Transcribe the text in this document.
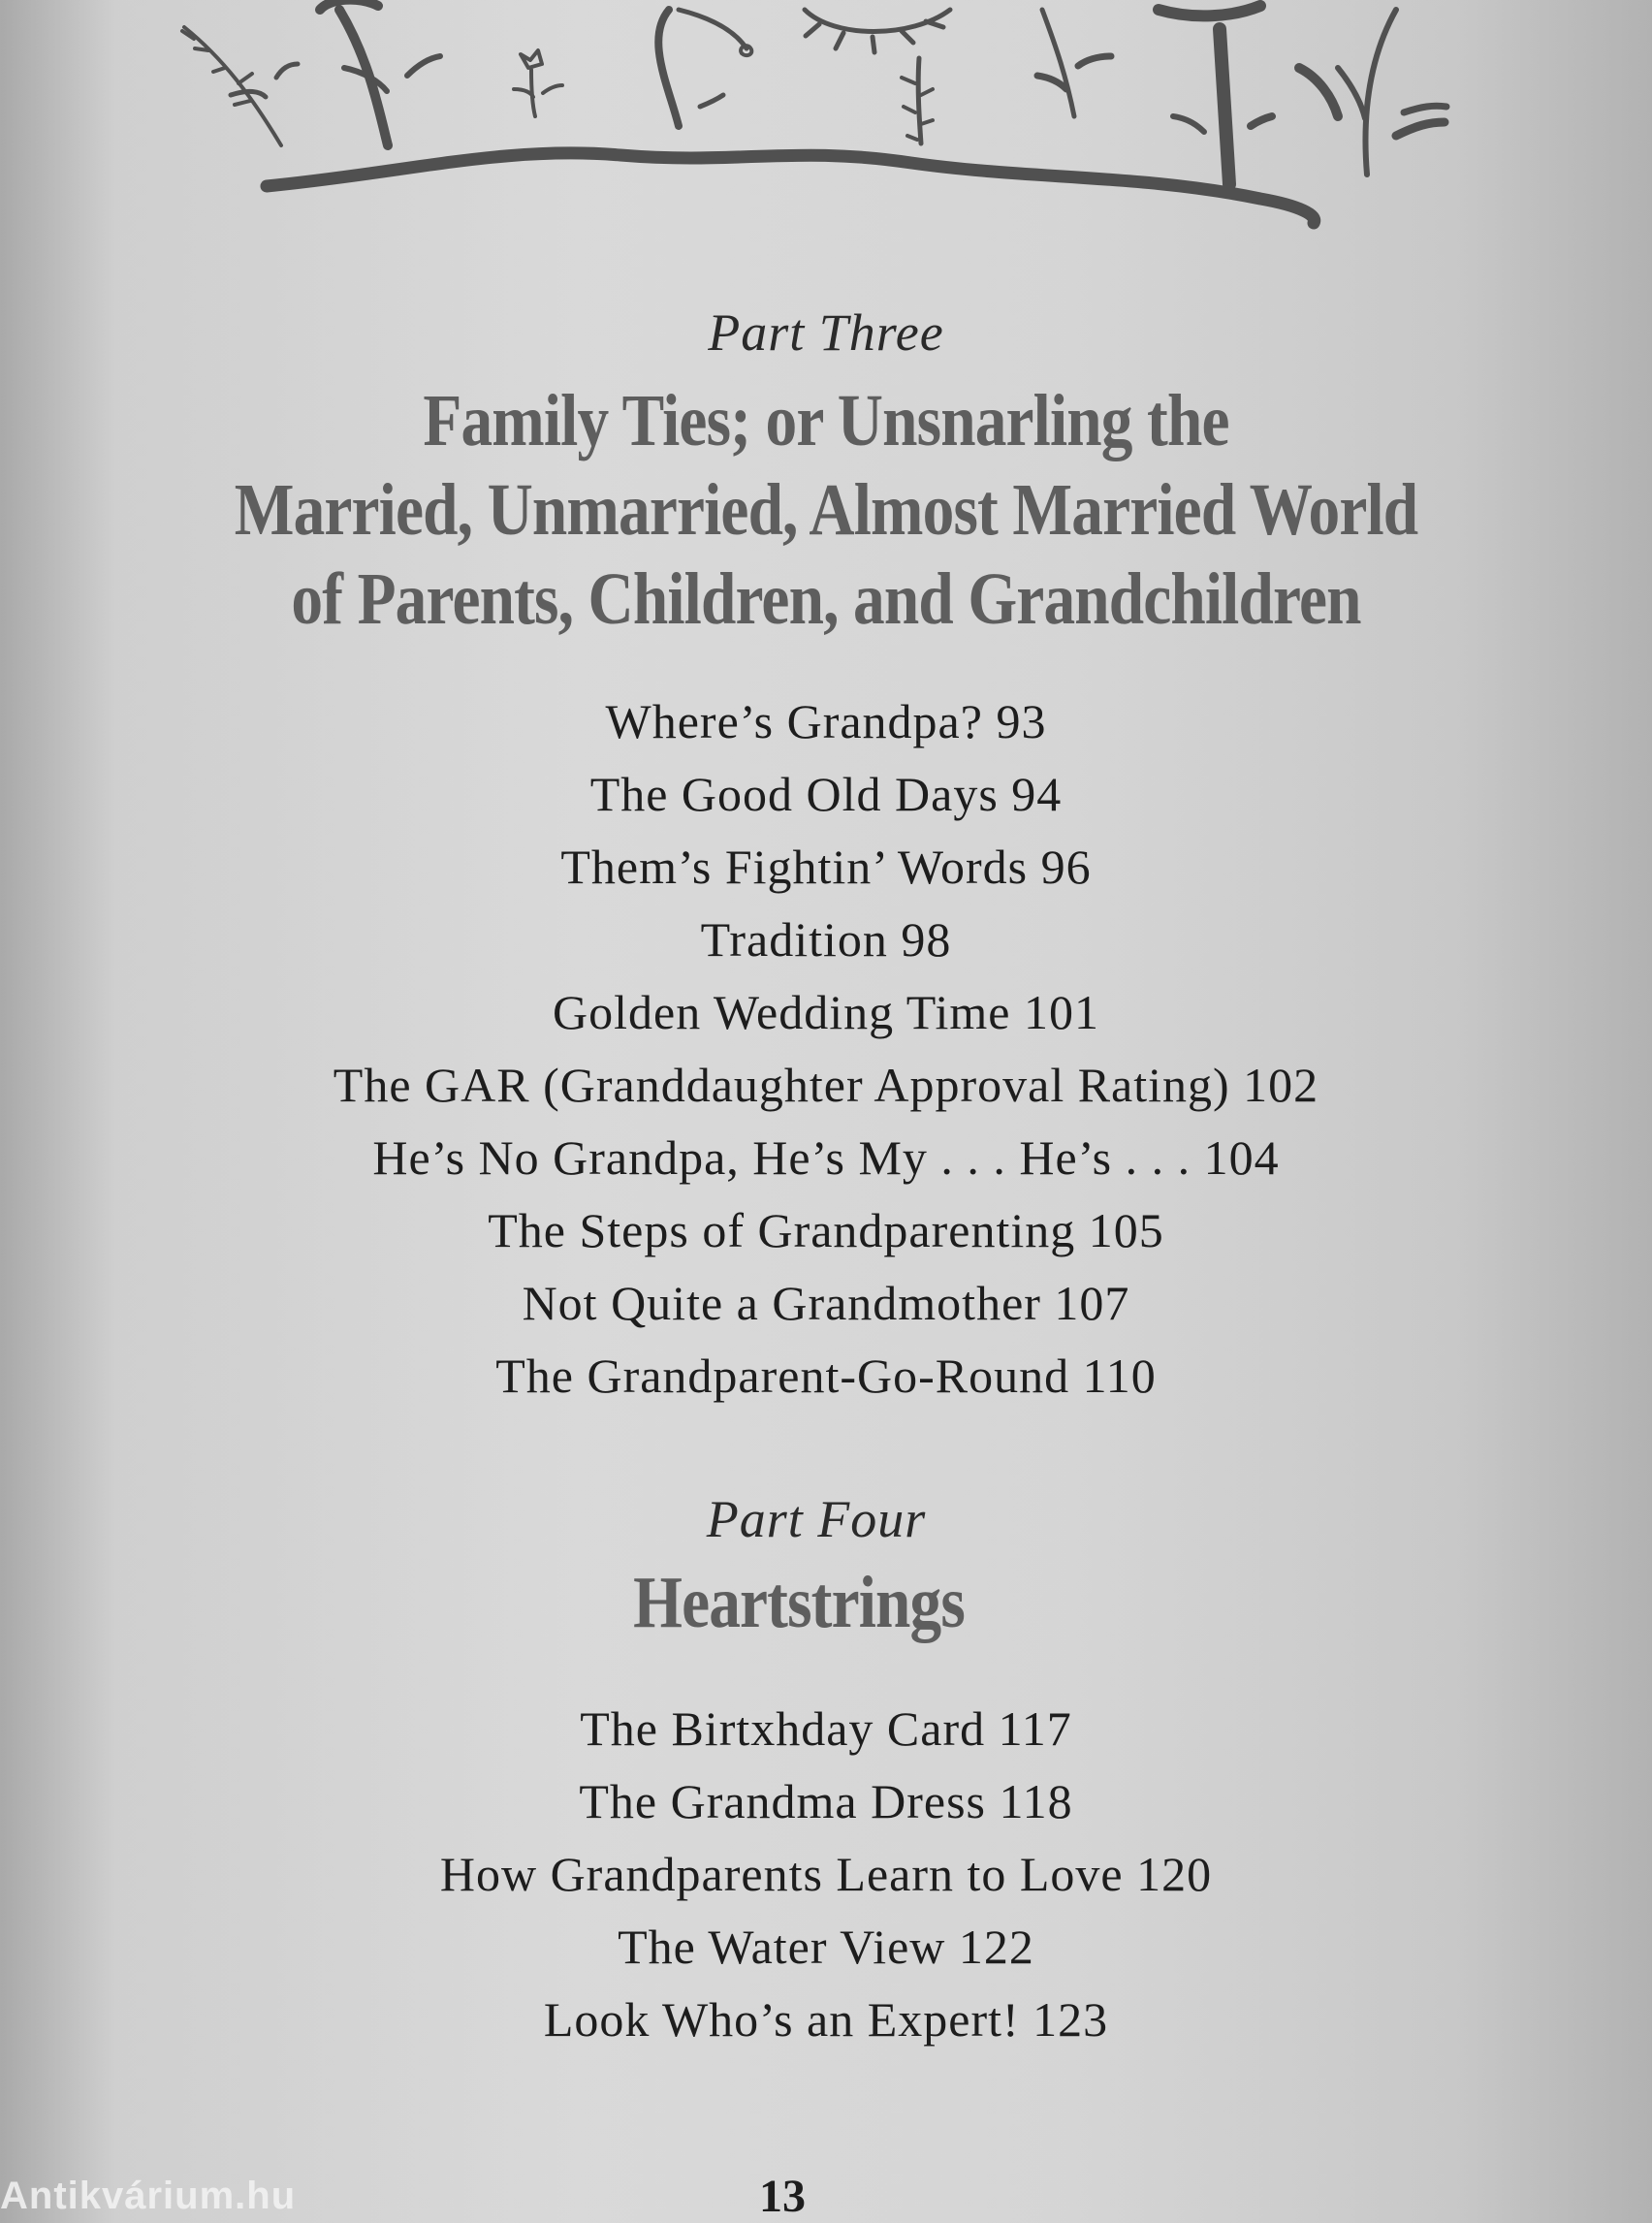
Part Three
Family Ties; or Unsnarling the
Married, Unmarried, Almost Married World
of Parents, Children, and Grandchildren
Where’s Grandpa? 93
The Good Old Days 94
Them’s Fightin’ Words 96
Tradition 98
Golden Wedding Time 101
The GAR (Granddaughter Approval Rating) 102
He’s No Grandpa, He’s My . . . He’s . . . 104
The Steps of Grandparenting 105
Not Quite a Grandmother 107
The Grandparent-Go-Round 110
Part Four
Heartstrings
The Birtxhday Card 117
The Grandma Dress 118
How Grandparents Learn to Love 120
The Water View 122
Look Who’s an Expert! 123
13
Antikvárium.hu
